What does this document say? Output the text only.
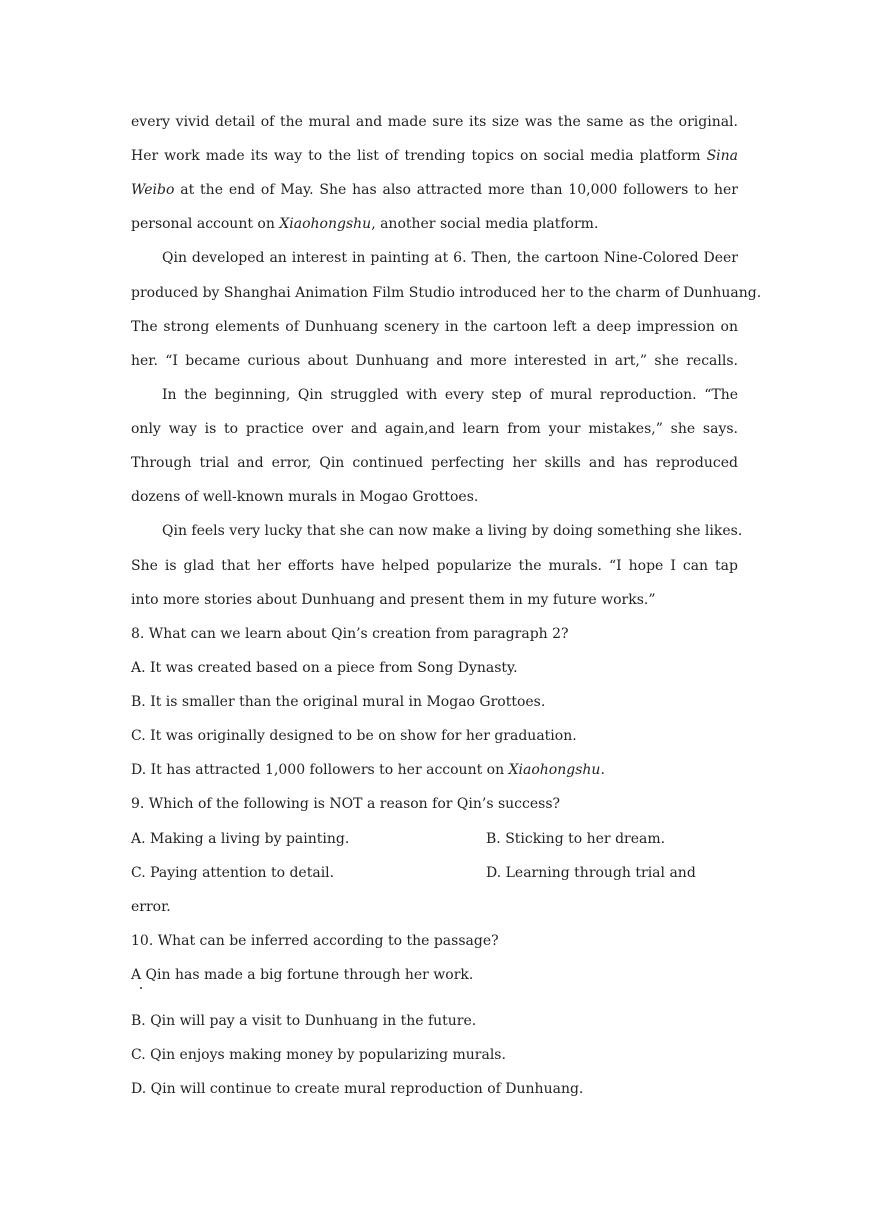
every vivid detail of the mural and made sure its size was the same as the original.
Her work made its way to the list of trending topics on social media platform Sina
Weibo at the end of May. She has also attracted more than 10,000 followers to her
personal account on Xiaohongshu, another social media platform.
Qin developed an interest in painting at 6. Then, the cartoon Nine-Colored Deer
produced by Shanghai Animation Film Studio introduced her to the charm of Dunhuang.
The strong elements of Dunhuang scenery in the cartoon left a deep impression on
her. “I became curious about Dunhuang and more interested in art,” she recalls.
In the beginning, Qin struggled with every step of mural reproduction. “The
only way is to practice over and again,and learn from your mistakes,” she says.
Through trial and error, Qin continued perfecting her skills and has reproduced
dozens of well-known murals in Mogao Grottoes.
Qin feels very lucky that she can now make a living by doing something she likes.
She is glad that her efforts have helped popularize the murals. “I hope I can tap
into more stories about Dunhuang and present them in my future works.”
8. What can we learn about Qin’s creation from paragraph 2?
A. It was created based on a piece from Song Dynasty.
B. It is smaller than the original mural in Mogao Grottoes.
C. It was originally designed to be on show for her graduation.
D. It has attracted 1,000 followers to her account on Xiaohongshu.
9. Which of the following is NOT a reason for Qin’s success?
A. Making a living by painting.	B. Sticking to her dream.
C. Paying attention to detail.	D. Learning through trial and
error.
10. What can be inferred according to the passage?
A Qin has made a big fortune through her work.
B. Qin will pay a visit to Dunhuang in the future.
C. Qin enjoys making money by popularizing murals.
D. Qin will continue to create mural reproduction of Dunhuang.
